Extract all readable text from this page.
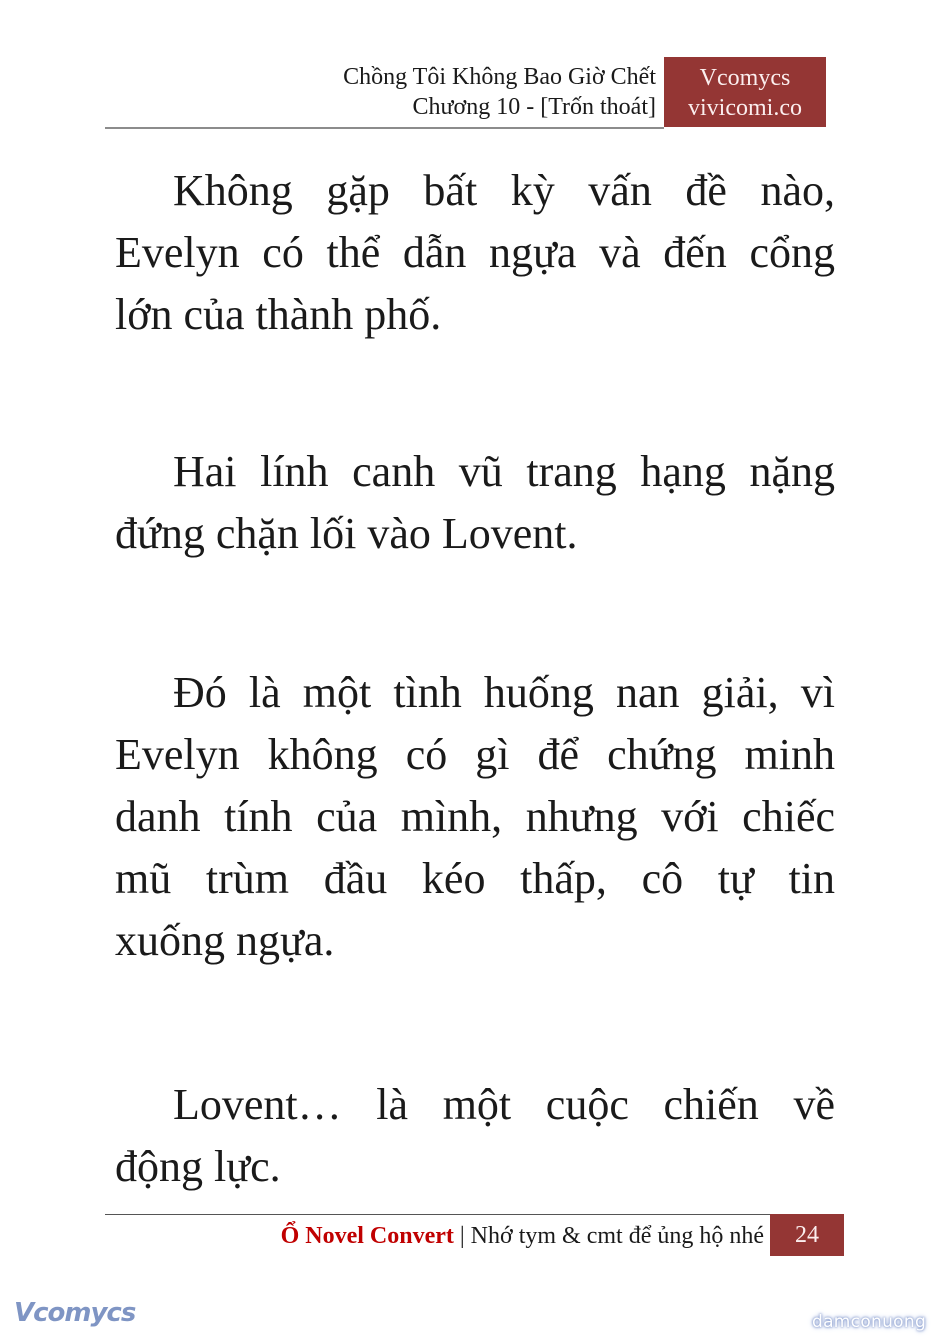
Chồng Tôi Không Bao Giờ Chết
Chương 10 - [Trốn thoát]
Vcomycs
vivicomi.co
Không gặp bất kỳ vấn đề nào,
Evelyn có thể dẫn ngựa và đến cổng
lớn của thành phố.
Hai lính canh vũ trang hạng nặng
đứng chặn lối vào Lovent.
Đó là một tình huống nan giải, vì
Evelyn không có gì để chứng minh
danh tính của mình, nhưng với chiếc
mũ trùm đầu kéo thấp, cô tự tin
xuống ngựa.
Lovent… là một cuộc chiến về
động lực.
Ổ Novel Convert | Nhớ tym & cmt để ủng hộ nhé	24
Vcomycs	damconuong
